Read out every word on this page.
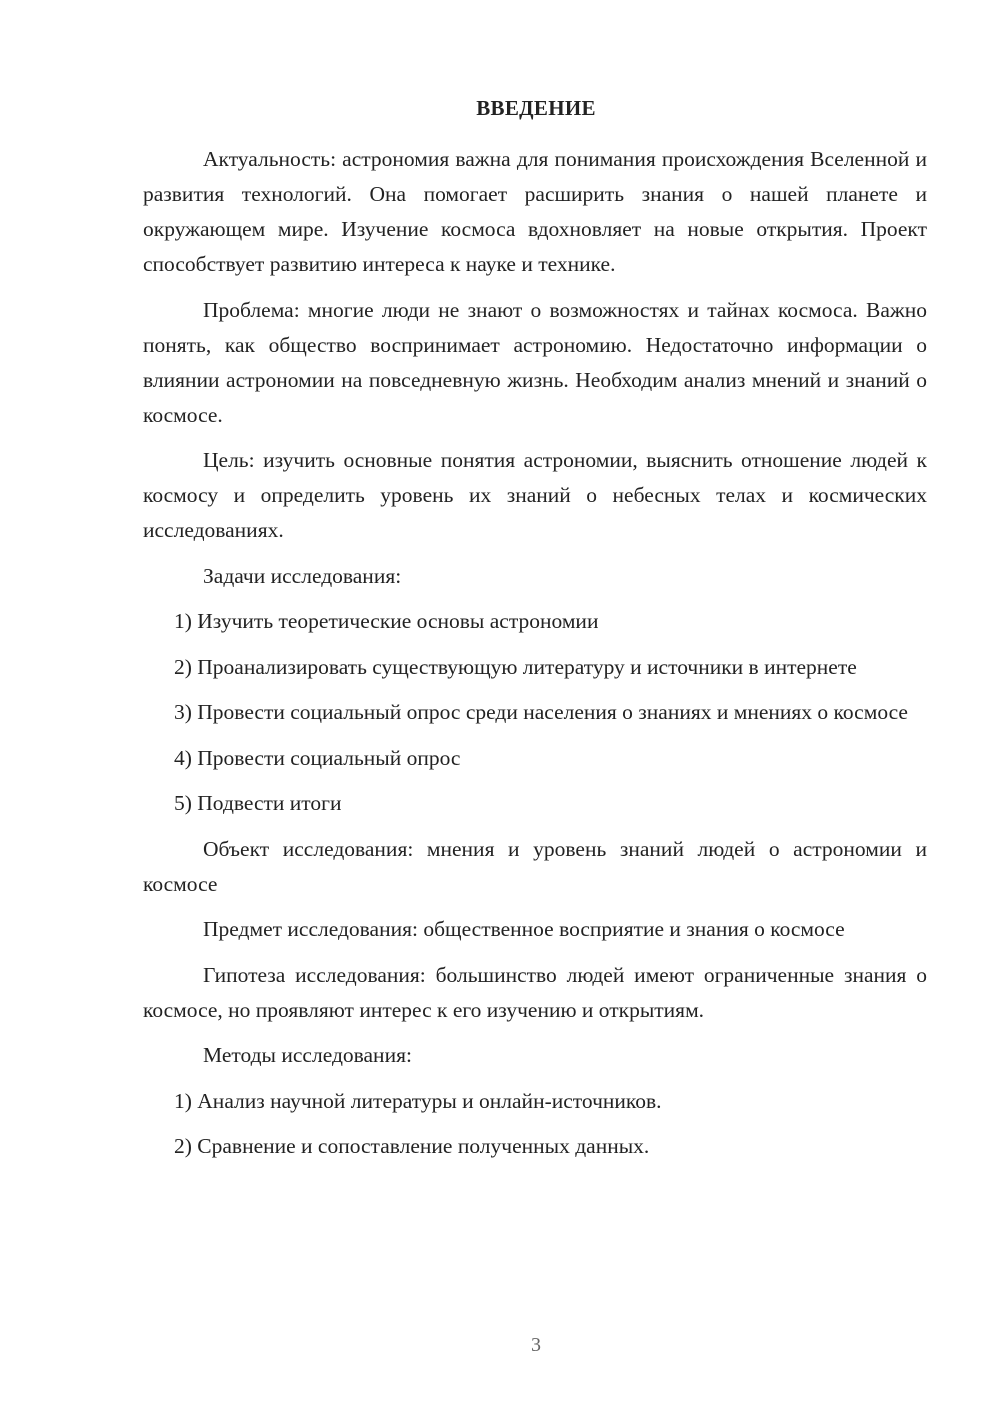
ВВЕДЕНИЕ

Актуальность: астрономия важна для понимания происхождения Вселенной и развития технологий. Она помогает расширить знания о нашей планете и окружающем мире. Изучение космоса вдохновляет на новые открытия. Проект способствует развитию интереса к науке и технике.

Проблема: многие люди не знают о возможностях и тайнах космоса. Важно понять, как общество воспринимает астрономию. Недостаточно информации о влиянии астрономии на повседневную жизнь. Необходим анализ мнений и знаний о космосе.

Цель: изучить основные понятия астрономии, выяснить отношение людей к космосу и определить уровень их знаний о небесных телах и космических исследованиях.

Задачи исследования:

1) Изучить теоретические основы астрономии

2) Проанализировать существующую литературу и источники в интернете

3) Провести социальный опрос среди населения о знаниях и мнениях о космосе

4) Провести социальный опрос

5) Подвести итоги

Объект исследования: мнения и уровень знаний людей о астрономии и космосе

Предмет исследования: общественное восприятие и знания о космосе

Гипотеза исследования: большинство людей имеют ограниченные знания о космосе, но проявляют интерес к его изучению и открытиям.

Методы исследования:

1) Анализ научной литературы и онлайн-источников.

2) Сравнение и сопоставление полученных данных.

3
